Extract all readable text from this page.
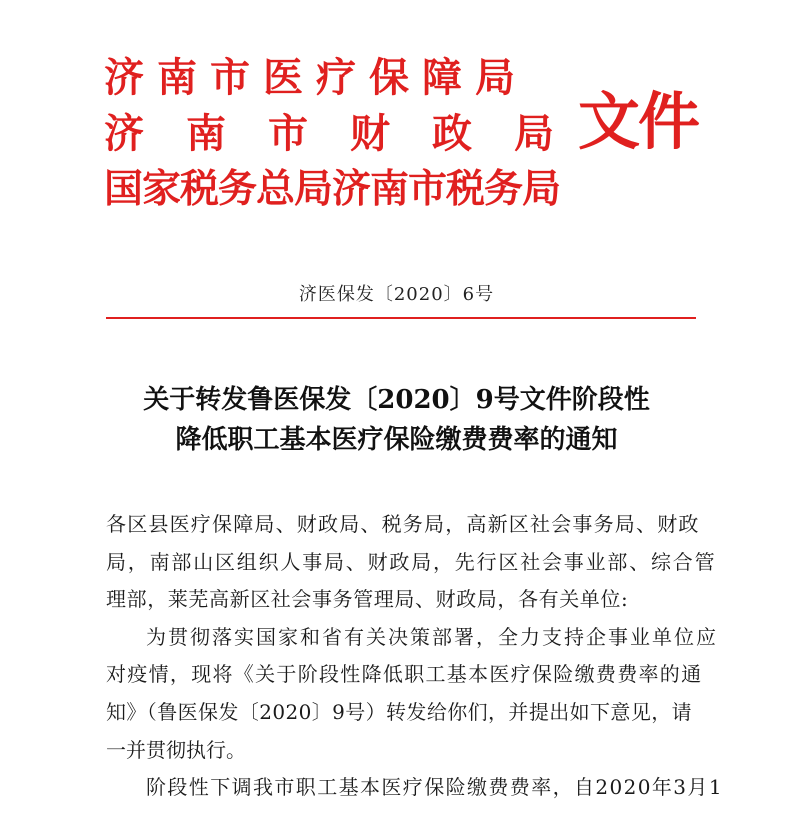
济南市医疗保障局
济南市财政局
国家税务总局济南市税务局
文件
济医保发〔2020〕6号
关于转发鲁医保发〔2020〕9号文件阶段性
降低职工基本医疗保险缴费费率的通知
各区县医疗保障局、财政局、税务局，高新区社会事务局、财政
局，南部山区组织人事局、财政局，先行区社会事业部、综合管
理部，莱芜高新区社会事务管理局、财政局，各有关单位:
为贯彻落实国家和省有关决策部署，全力支持企事业单位应
对疫情，现将《关于阶段性降低职工基本医疗保险缴费费率的通
知》（鲁医保发〔2020〕9号）转发给你们，并提出如下意见，请
一并贯彻执行。
阶段性下调我市职工基本医疗保险缴费费率，自2020年3月1
